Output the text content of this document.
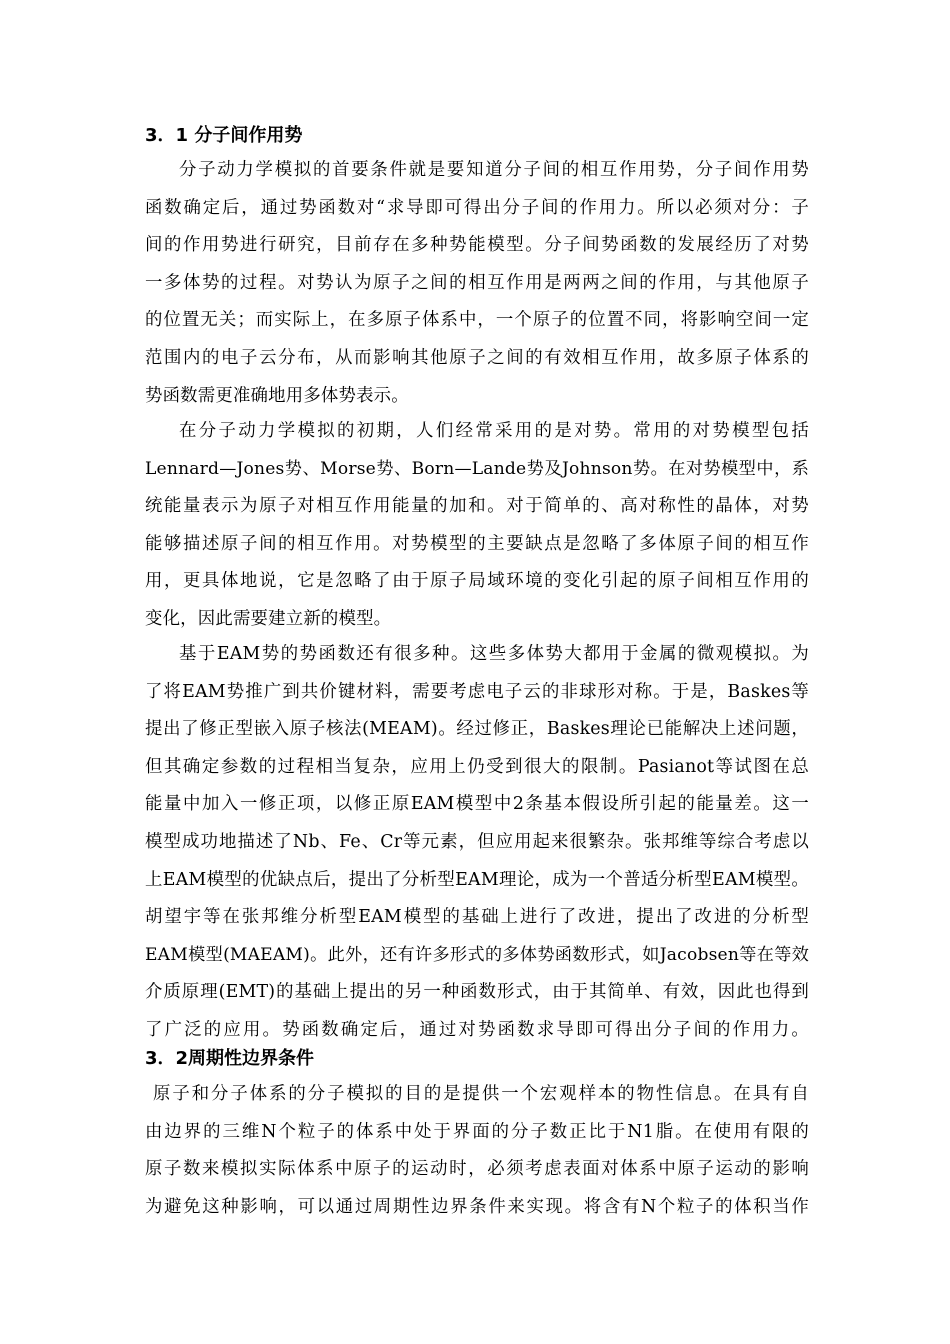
3．1 分子间作用势
分子动力学模拟的首要条件就是要知道分子间的相互作用势，分子间作用势
函数确定后，通过势函数对“求导即可得出分子间的作用力。所以必须对分：子
间的作用势进行研究，目前存在多种势能模型。分子间势函数的发展经历了对势
一多体势的过程。对势认为原子之间的相互作用是两两之间的作用，与其他原子
的位置无关；而实际上，在多原子体系中，一个原子的位置不同，将影响空间一定
范围内的电子云分布，从而影响其他原子之间的有效相互作用，故多原子体系的
势函数需更准确地用多体势表示。
在分子动力学模拟的初期，人们经常采用的是对势。常用的对势模型包括
Lennard—Jones势、Morse势、Born—Lande势及Johnson势。在对势模型中，系
统能量表示为原子对相互作用能量的加和。对于简单的、高对称性的晶体，对势
能够描述原子间的相互作用。对势模型的主要缺点是忽略了多体原子间的相互作
用，更具体地说，它是忽略了由于原子局域环境的变化引起的原子间相互作用的
变化，因此需要建立新的模型。
基于EAM势的势函数还有很多种。这些多体势大都用于金属的微观模拟。为
了将EAM势推广到共价键材料，需要考虑电子云的非球形对称。于是，Baskes等
提出了修正型嵌入原子核法(MEAM)。经过修正，Baskes理论已能解决上述问题，
但其确定参数的过程相当复杂，应用上仍受到很大的限制。Pasianot等试图在总
能量中加入一修正项，以修正原EAM模型中2条基本假设所引起的能量差。这一
模型成功地描述了Nb、Fe、Cr等元素，但应用起来很繁杂。张邦维等综合考虑以
上EAM模型的优缺点后，提出了分析型EAM理论，成为一个普适分析型EAM模型。
胡望宇等在张邦维分析型EAM模型的基础上进行了改进，提出了改进的分析型
EAM模型(MAEAM)。此外，还有许多形式的多体势函数形式，如Jacobsen等在等效
介质原理(EMT)的基础上提出的另一种函数形式，由于其简单、有效，因此也得到
了广泛的应用。势函数确定后，通过对势函数求导即可得出分子间的作用力。
3．2周期性边界条件
原子和分子体系的分子模拟的目的是提供一个宏观样本的物性信息。在具有自
由边界的三维N个粒子的体系中处于界面的分子数正比于N1脂。在使用有限的
原子数来模拟实际体系中原子的运动时，必须考虑表面对体系中原子运动的影响
为避免这种影响，可以通过周期性边界条件来实现。将含有N个粒子的体积当作
